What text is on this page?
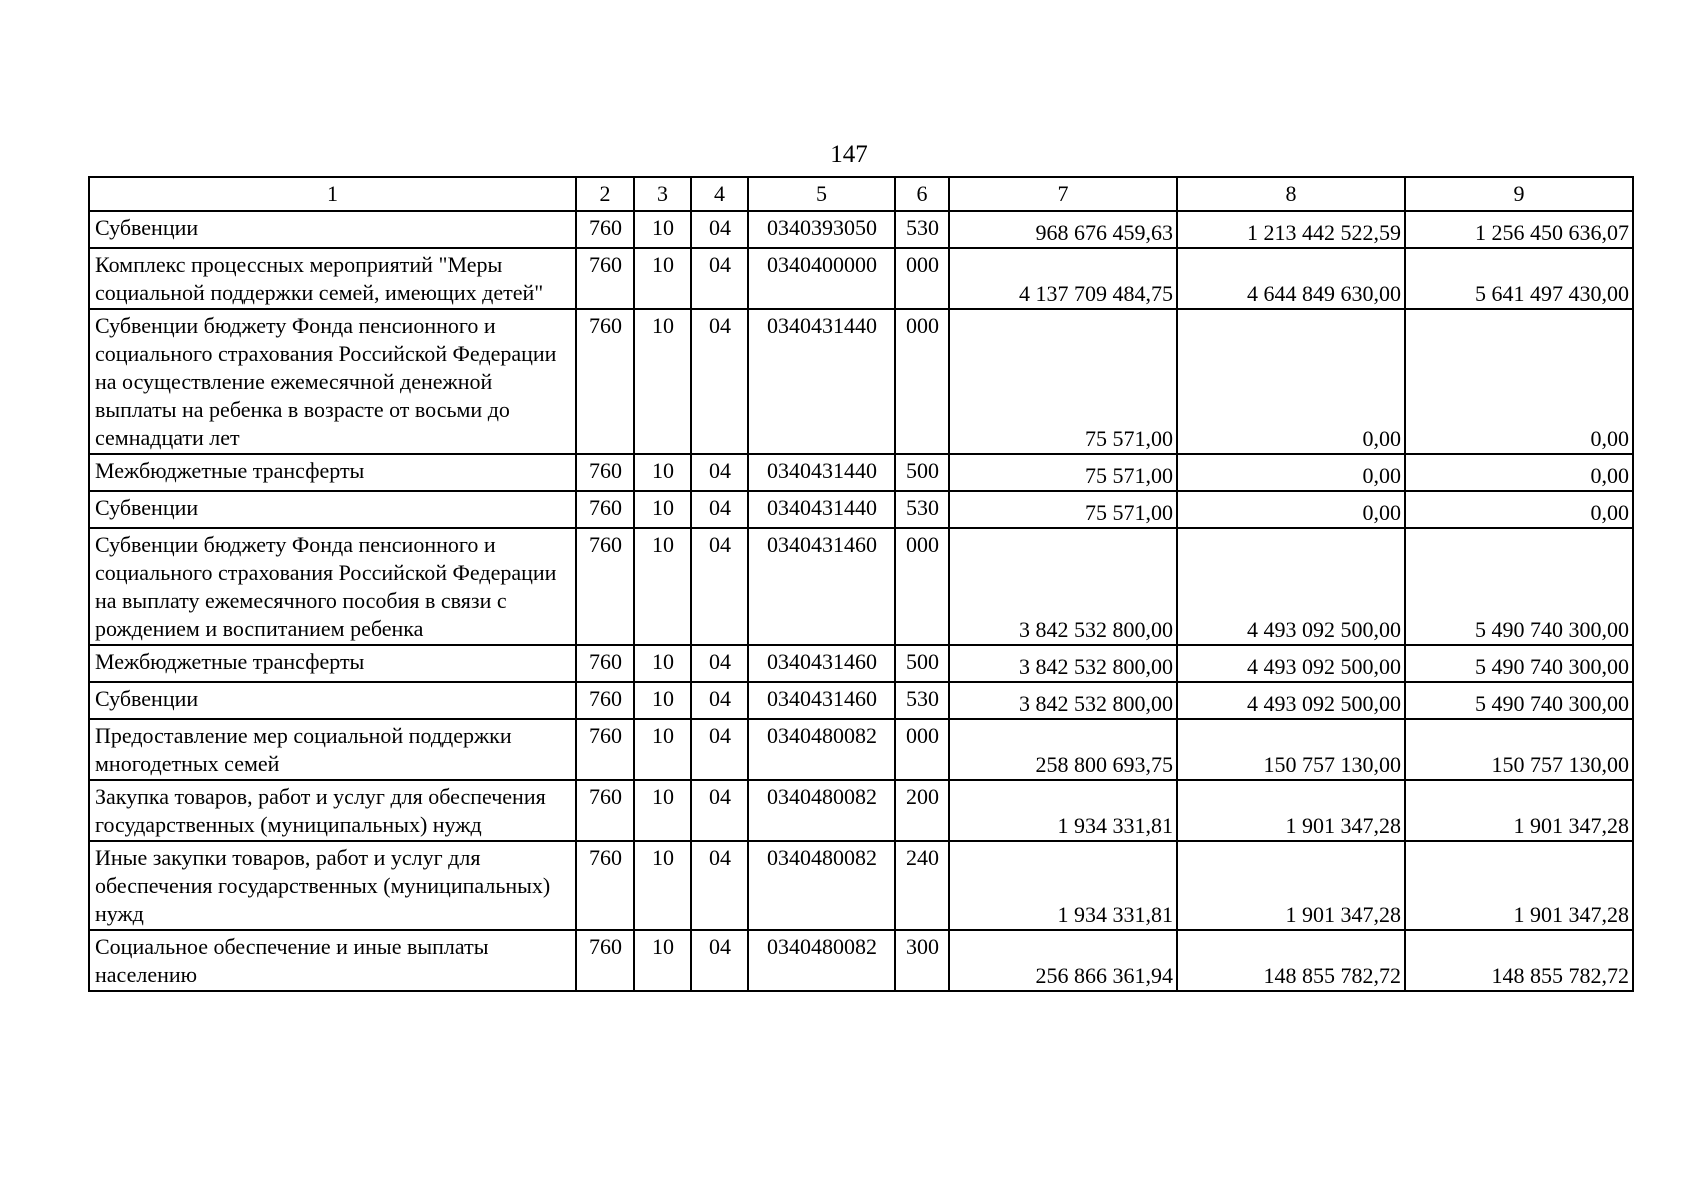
147
1	2	3	4	5	6	7	8	9
Субвенции	760	10	04	0340393050	530	968 676 459,63	1 213 442 522,59	1 256 450 636,07
Комплекс процессных мероприятий "Меры социальной поддержки семей, имеющих детей"	760	10	04	0340400000	000	4 137 709 484,75	4 644 849 630,00	5 641 497 430,00
Субвенции бюджету Фонда пенсионного и социального страхования Российской Федерации на осуществление ежемесячной денежной выплаты на ребенка в возрасте от восьми до семнадцати лет	760	10	04	0340431440	000	75 571,00	0,00	0,00
Межбюджетные трансферты	760	10	04	0340431440	500	75 571,00	0,00	0,00
Субвенции	760	10	04	0340431440	530	75 571,00	0,00	0,00
Субвенции бюджету Фонда пенсионного и социального страхования Российской Федерации на выплату ежемесячного пособия в связи с рождением и воспитанием ребенка	760	10	04	0340431460	000	3 842 532 800,00	4 493 092 500,00	5 490 740 300,00
Межбюджетные трансферты	760	10	04	0340431460	500	3 842 532 800,00	4 493 092 500,00	5 490 740 300,00
Субвенции	760	10	04	0340431460	530	3 842 532 800,00	4 493 092 500,00	5 490 740 300,00
Предоставление мер социальной поддержки многодетных семей	760	10	04	0340480082	000	258 800 693,75	150 757 130,00	150 757 130,00
Закупка товаров, работ и услуг для обеспечения государственных (муниципальных) нужд	760	10	04	0340480082	200	1 934 331,81	1 901 347,28	1 901 347,28
Иные закупки товаров, работ и услуг для обеспечения государственных (муниципальных) нужд	760	10	04	0340480082	240	1 934 331,81	1 901 347,28	1 901 347,28
Социальное обеспечение и иные выплаты населению	760	10	04	0340480082	300	256 866 361,94	148 855 782,72	148 855 782,72
